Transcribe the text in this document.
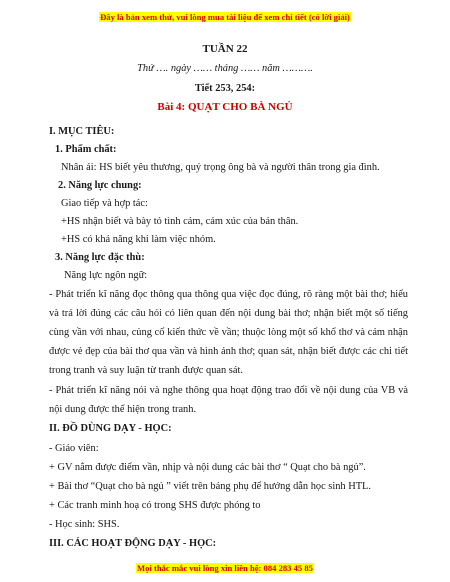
Đây là bản xem thử, vui lòng mua tài liệu để xem chi tiết (có lời giải)
TUẦN 22
Thứ …. ngày …… tháng …… năm ……….
Tiết 253, 254:
Bài 4: QUẠT CHO BÀ NGỦ
I. MỤC TIÊU:
1. Phẩm chất:
Nhân ái: HS biết yêu thương, quý trọng ông bà và người thân trong gia đình.
2. Năng lực chung:
Giao tiếp và hợp tác:
+HS nhận biết và bày tỏ tình cảm, cảm xúc của bản thân.
+HS có khả năng khi làm việc nhóm.
3. Năng lực đặc thù:
Năng lực ngôn ngữ:
- Phát triển kĩ năng đọc thông qua thông qua việc đọc đúng, rõ ràng một bài thơ; hiểu
và trả lời đúng các câu hỏi có liên quan đến nội dung bài thơ; nhận biết một số tiếng
cùng vần với nhau, củng cố kiến thức về vần; thuộc lòng một số khổ thơ và cảm nhận
được vẻ đẹp của bài thơ qua vần và hình ảnh thơ; quan sát, nhận biết được các chi tiết
trong tranh và suy luận từ tranh được quan sát.
- Phát triển kĩ năng nói và nghe thông qua hoạt động trao đổi về nội dung của VB và
nội dung được thể hiện trong tranh.
II. ĐỒ DÙNG DẠY - HỌC:
- Giáo viên:
+ GV nắm được điểm vần, nhịp và nội dung các bài thơ “ Quạt cho bà ngủ”.
+ Bài thơ “Quạt cho bà ngủ ” viết trên bảng phụ để hướng dẫn học sinh HTL.
+ Các tranh minh hoạ có trong SHS được phóng to
- Học sinh: SHS.
III. CÁC HOẠT ĐỘNG DẠY - HỌC:
Mọi thắc mắc vui lòng xin liên hệ: 084 283 45 85
